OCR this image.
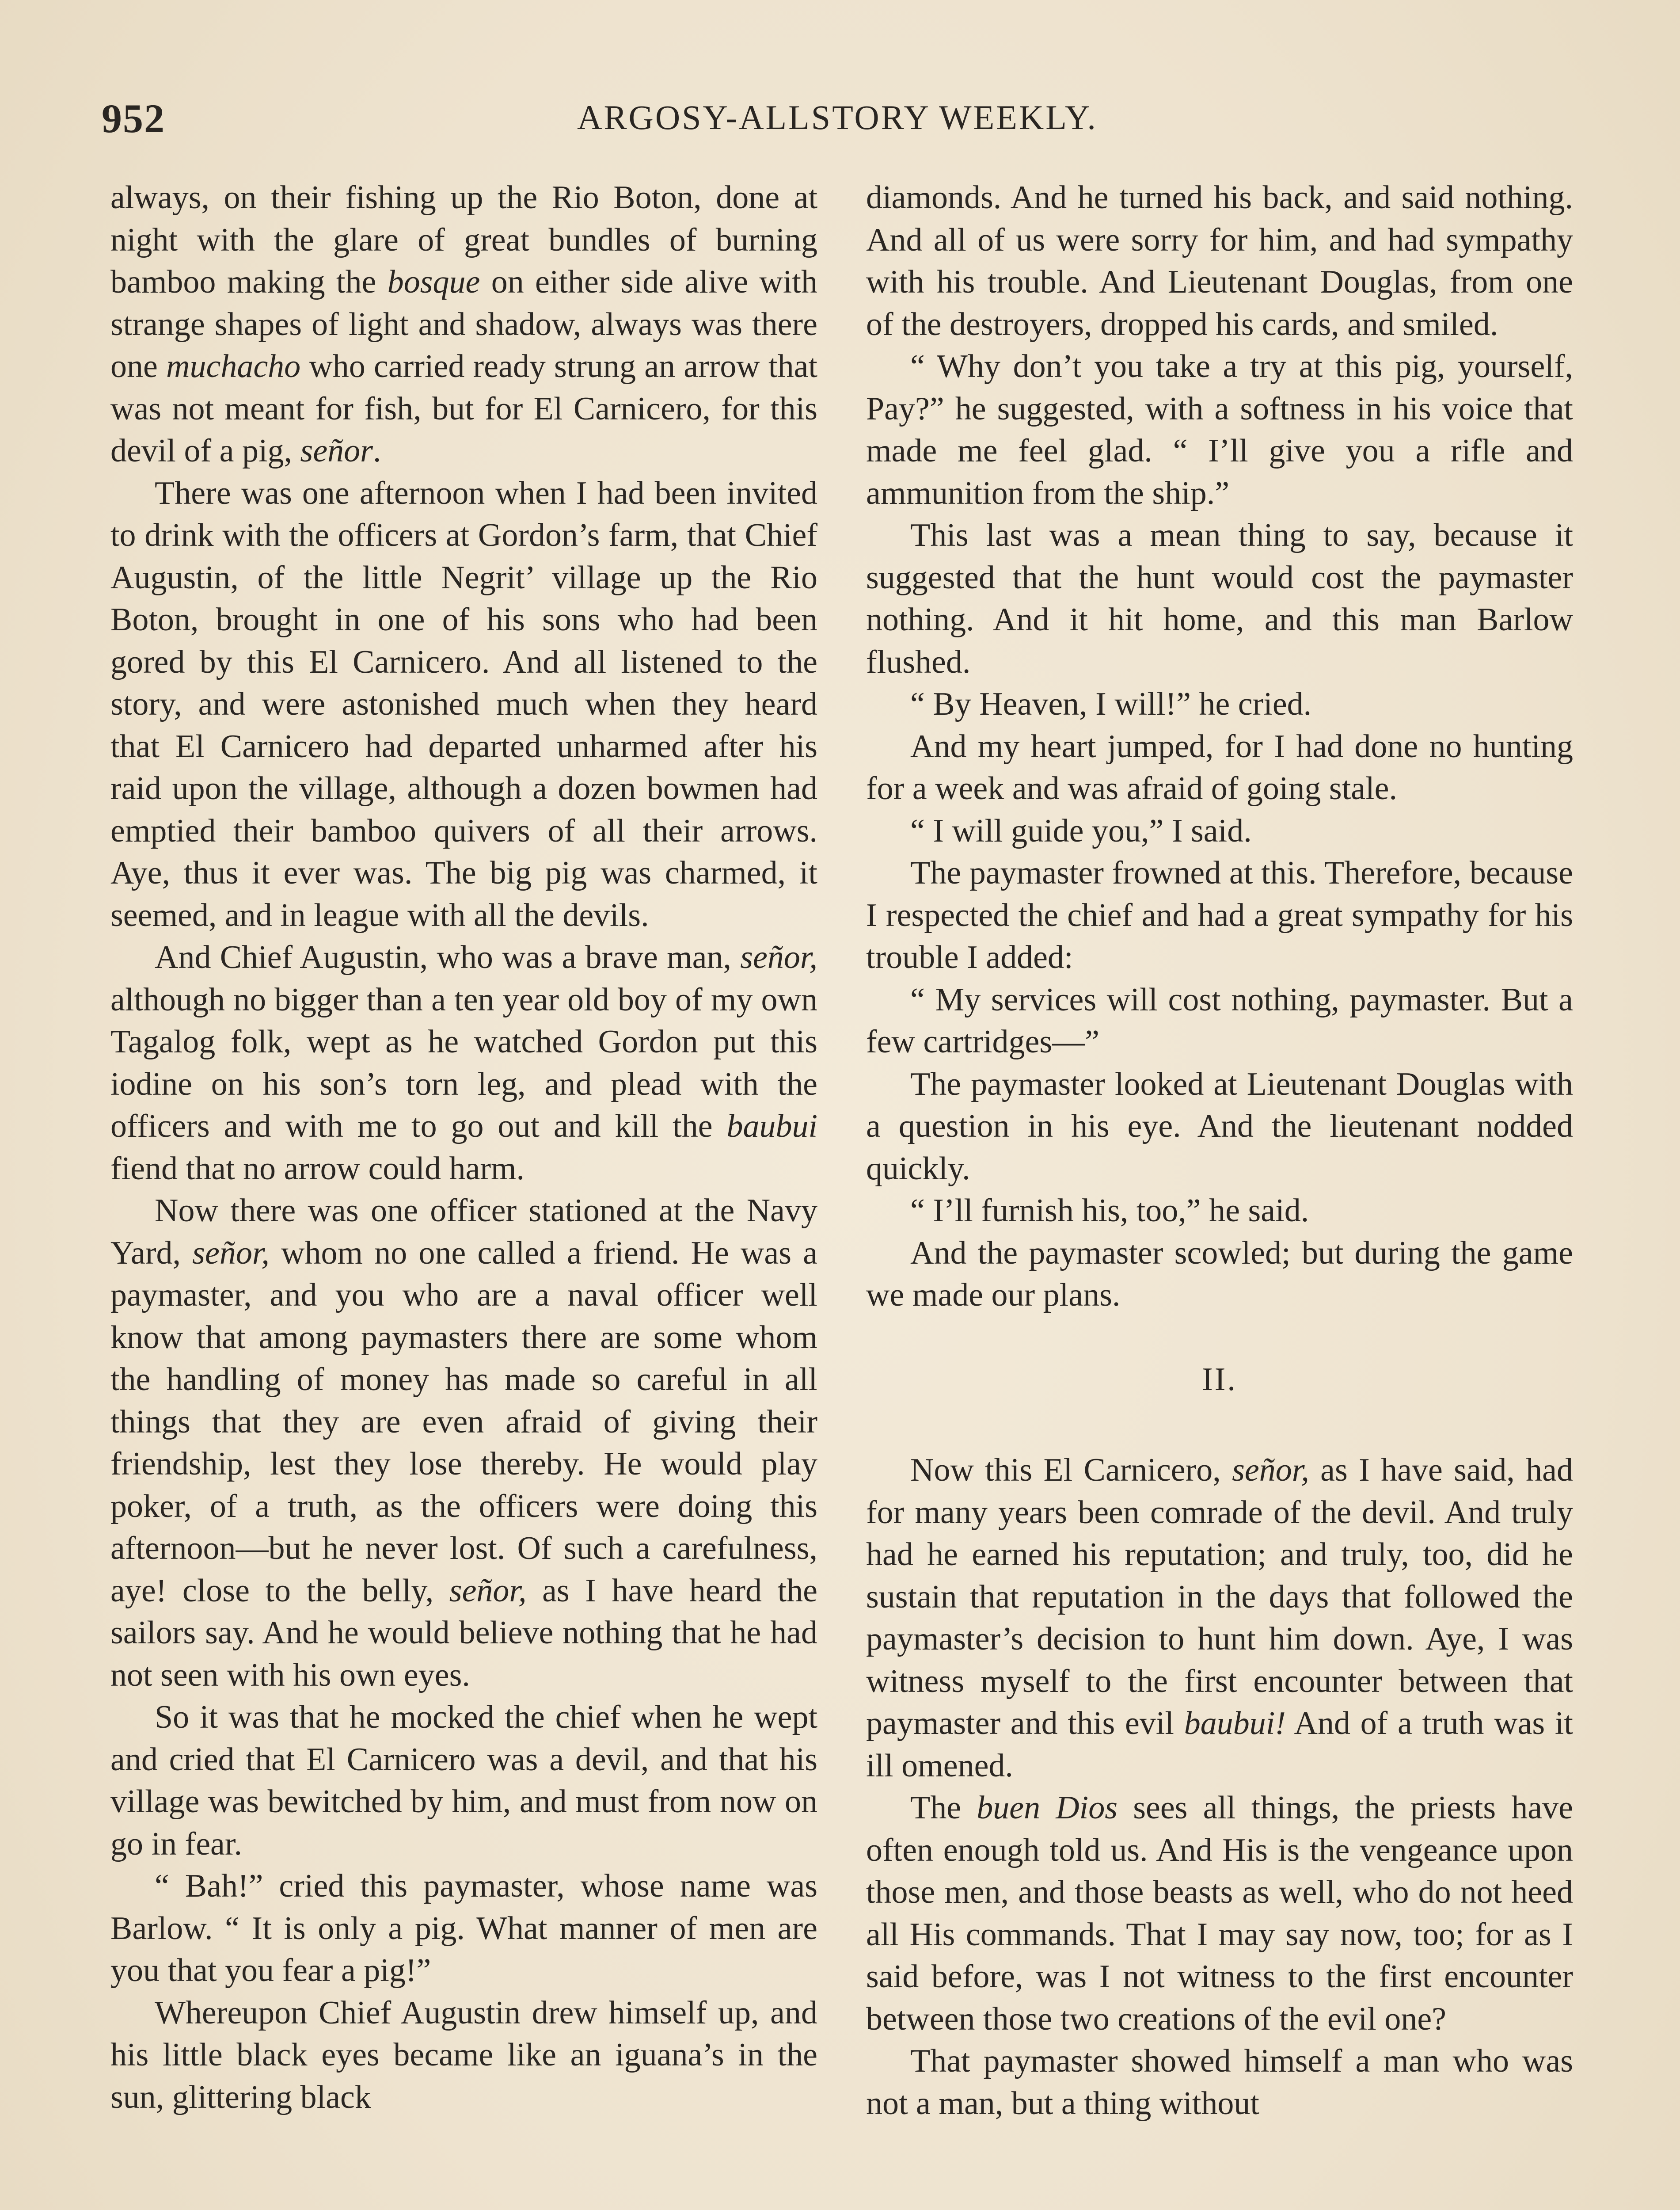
952	ARGOSY-ALLSTORY WEEKLY.

always, on their fishing up the Rio Boton, done at night with the glare of great bundles of burning bamboo making the bosque on either side alive with strange shapes of light and shadow, always was there one muchacho who carried ready strung an arrow that was not meant for fish, but for El Carnicero, for this devil of a pig, señor.

There was one afternoon when I had been invited to drink with the officers at Gordon’s farm, that Chief Augustin, of the little Negrit’ village up the Rio Boton, brought in one of his sons who had been gored by this El Carnicero. And all listened to the story, and were astonished much when they heard that El Carnicero had departed unharmed after his raid upon the village, although a dozen bowmen had emptied their bamboo quivers of all their arrows. Aye, thus it ever was. The big pig was charmed, it seemed, and in league with all the devils.

And Chief Augustin, who was a brave man, señor, although no bigger than a ten year old boy of my own Tagalog folk, wept as he watched Gordon put this iodine on his son’s torn leg, and plead with the officers and with me to go out and kill the baubui fiend that no arrow could harm.

Now there was one officer stationed at the Navy Yard, señor, whom no one called a friend. He was a paymaster, and you who are a naval officer well know that among paymasters there are some whom the handling of money has made so careful in all things that they are even afraid of giving their friendship, lest they lose thereby. He would play poker, of a truth, as the officers were doing this afternoon—but he never lost. Of such a carefulness, aye! close to the belly, señor, as I have heard the sailors say. And he would believe nothing that he had not seen with his own eyes.

So it was that he mocked the chief when he wept and cried that El Carnicero was a devil, and that his village was bewitched by him, and must from now on go in fear.

“ Bah!” cried this paymaster, whose name was Barlow. “ It is only a pig. What manner of men are you that you fear a pig!”

Whereupon Chief Augustin drew himself up, and his little black eyes became like an iguana’s in the sun, glittering black

diamonds. And he turned his back, and said nothing. And all of us were sorry for him, and had sympathy with his trouble. And Lieutenant Douglas, from one of the destroyers, dropped his cards, and smiled.

“ Why don’t you take a try at this pig, yourself, Pay?” he suggested, with a softness in his voice that made me feel glad. “ I’ll give you a rifle and ammunition from the ship.”

This last was a mean thing to say, because it suggested that the hunt would cost the paymaster nothing. And it hit home, and this man Barlow flushed.

“ By Heaven, I will!” he cried.

And my heart jumped, for I had done no hunting for a week and was afraid of going stale.

“ I will guide you,” I said.

The paymaster frowned at this. Therefore, because I respected the chief and had a great sympathy for his trouble I added:

“ My services will cost nothing, paymaster. But a few cartridges—”

The paymaster looked at Lieutenant Douglas with a question in his eye. And the lieutenant nodded quickly.

“ I’ll furnish his, too,” he said.

And the paymaster scowled; but during the game we made our plans.

II.

Now this El Carnicero, señor, as I have said, had for many years been comrade of the devil. And truly had he earned his reputation; and truly, too, did he sustain that reputation in the days that followed the paymaster’s decision to hunt him down. Aye, I was witness myself to the first encounter between that paymaster and this evil baubui! And of a truth was it ill omened.

The buen Dios sees all things, the priests have often enough told us. And His is the vengeance upon those men, and those beasts as well, who do not heed all His commands. That I may say now, too; for as I said before, was I not witness to the first encounter between those two creations of the evil one?

That paymaster showed himself a man who was not a man, but a thing without
